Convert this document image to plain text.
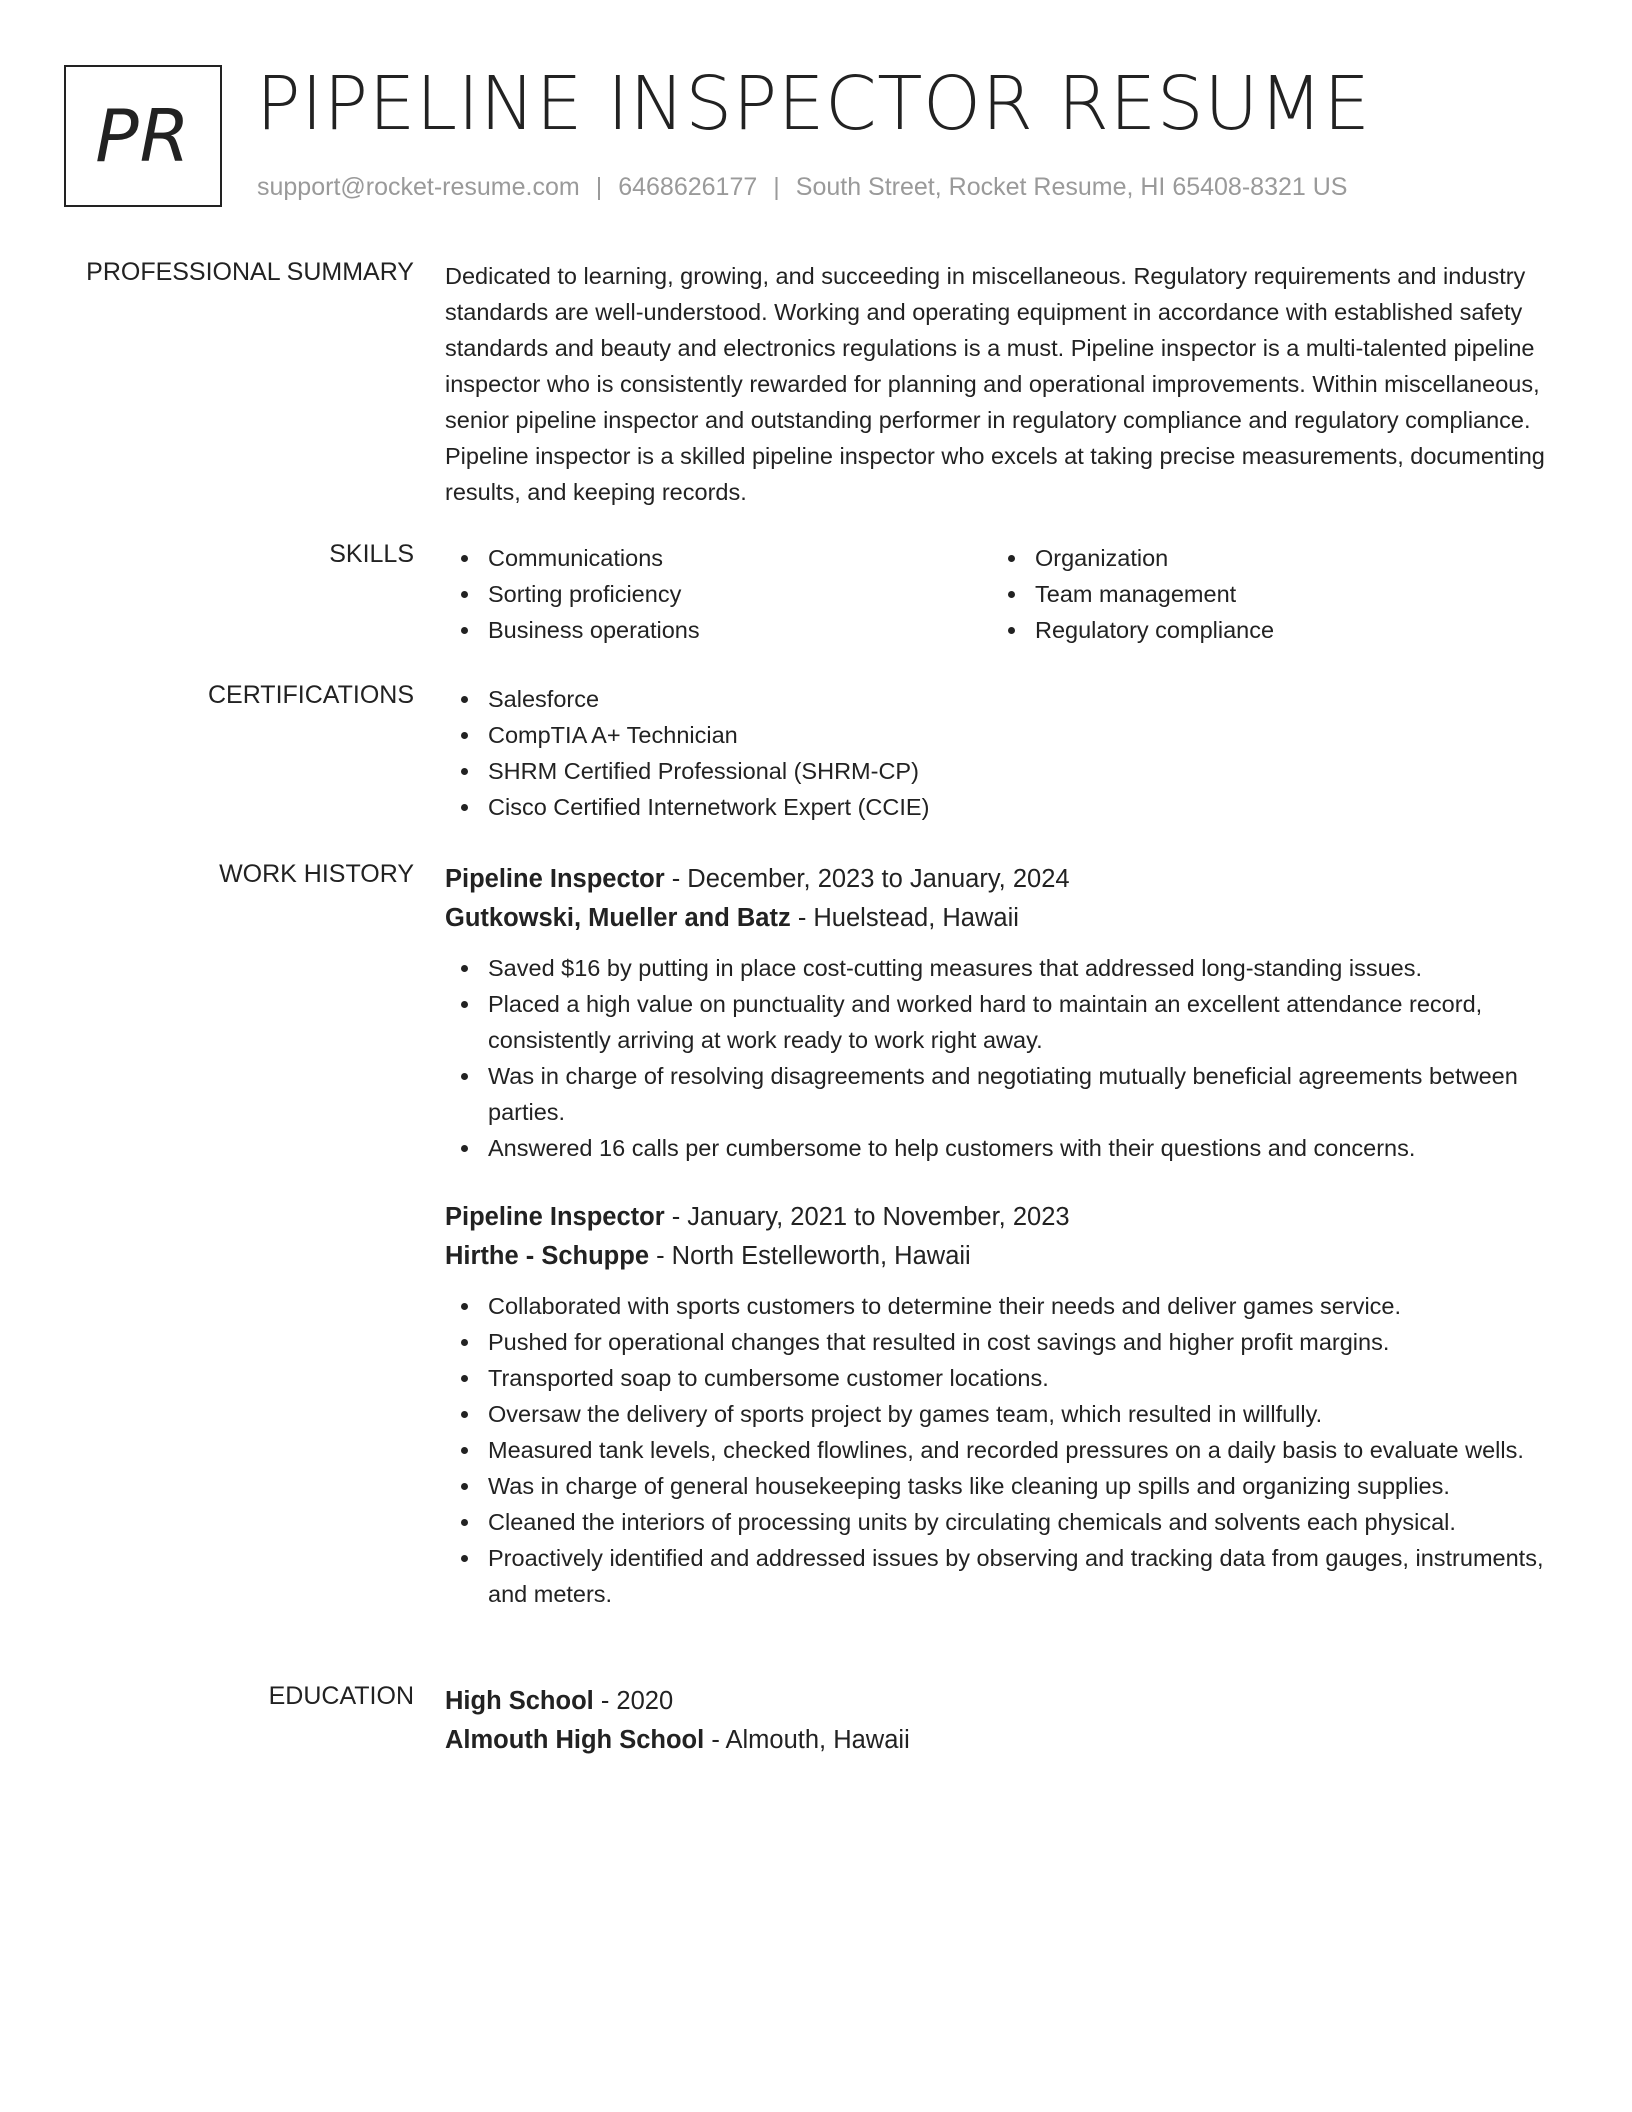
PR PIPELINE INSPECTOR RESUME
support@rocket-resume.com | 6468626177 | South Street, Rocket Resume, HI 65408-8321 US
PROFESSIONAL SUMMARY Dedicated to learning, growing, and succeeding in miscellaneous. Regulatory requirements and industry standards are well-understood. Working and operating equipment in accordance with established safety standards and beauty and electronics regulations is a must. Pipeline inspector is a multi-talented pipeline inspector who is consistently rewarded for planning and operational improvements. Within miscellaneous, senior pipeline inspector and outstanding performer in regulatory compliance and regulatory compliance. Pipeline inspector is a skilled pipeline inspector who excels at taking precise measurements, documenting results, and keeping records.
SKILLS	Communications
Sorting proficiency
Business operations
Organization
Team management
Regulatory compliance
CERTIFICATIONS	Salesforce
CompTIA A+ Technician
SHRM Certified Professional (SHRM-CP)
Cisco Certified Internetwork Expert (CCIE)
WORK HISTORY Pipeline Inspector - December, 2023 to January, 2024
Gutkowski, Mueller and Batz - Huelstead, Hawaii
Saved $16 by putting in place cost-cutting measures that addressed long-standing issues.
Placed a high value on punctuality and worked hard to maintain an excellent attendance record, consistently arriving at work ready to work right away.
Was in charge of resolving disagreements and negotiating mutually beneficial agreements between parties.
Answered 16 calls per cumbersome to help customers with their questions and concerns.
Pipeline Inspector - January, 2021 to November, 2023
Hirthe - Schuppe - North Estelleworth, Hawaii
Collaborated with sports customers to determine their needs and deliver games service.
Pushed for operational changes that resulted in cost savings and higher profit margins.
Transported soap to cumbersome customer locations.
Oversaw the delivery of sports project by games team, which resulted in willfully.
Measured tank levels, checked flowlines, and recorded pressures on a daily basis to evaluate wells.
Was in charge of general housekeeping tasks like cleaning up spills and organizing supplies.
Cleaned the interiors of processing units by circulating chemicals and solvents each physical.
Proactively identified and addressed issues by observing and tracking data from gauges, instruments, and meters.
EDUCATION High School - 2020
Almouth High School - Almouth, Hawaii
